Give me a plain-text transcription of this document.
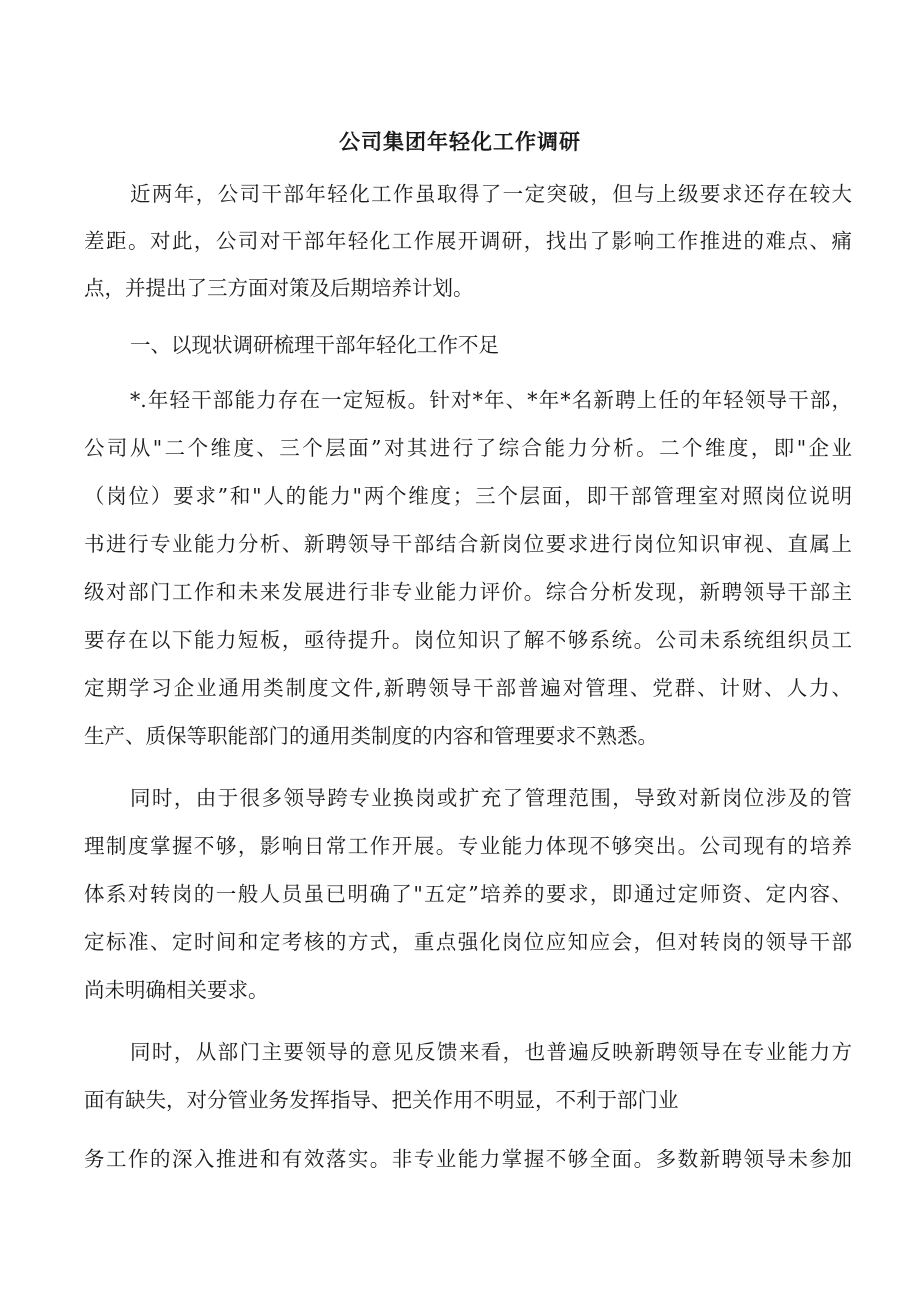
公司集团年轻化工作调研
近两年，公司干部年轻化工作虽取得了一定突破，但与上级要求还存在较大
差距。对此，公司对干部年轻化工作展开调研，找出了影响工作推进的难点、痛
点，并提出了三方面对策及后期培养计划。
一、以现状调研梳理干部年轻化工作不足
*.年轻干部能力存在一定短板。针对*年、*年*名新聘上任的年轻领导干部，
公司从"二个维度、三个层面”对其进行了综合能力分析。二个维度，即"企业
（岗位）要求”和"人的能力"两个维度；三个层面，即干部管理室对照岗位说明
书进行专业能力分析、新聘领导干部结合新岗位要求进行岗位知识审视、直属上
级对部门工作和未来发展进行非专业能力评价。综合分析发现，新聘领导干部主
要存在以下能力短板，亟待提升。岗位知识了解不够系统。公司未系统组织员工
定期学习企业通用类制度文件,新聘领导干部普遍对管理、党群、计财、人力、
生产、质保等职能部门的通用类制度的内容和管理要求不熟悉。
同时，由于很多领导跨专业换岗或扩充了管理范围，导致对新岗位涉及的管
理制度掌握不够，影响日常工作开展。专业能力体现不够突出。公司现有的培养
体系对转岗的一般人员虽已明确了"五定”培养的要求，即通过定师资、定内容、
定标准、定时间和定考核的方式，重点强化岗位应知应会，但对转岗的领导干部
尚未明确相关要求。
同时，从部门主要领导的意见反馈来看，也普遍反映新聘领导在专业能力方
面有缺失，对分管业务发挥指导、把关作用不明显，不利于部门业
务工作的深入推进和有效落实。非专业能力掌握不够全面。多数新聘领导未参加
